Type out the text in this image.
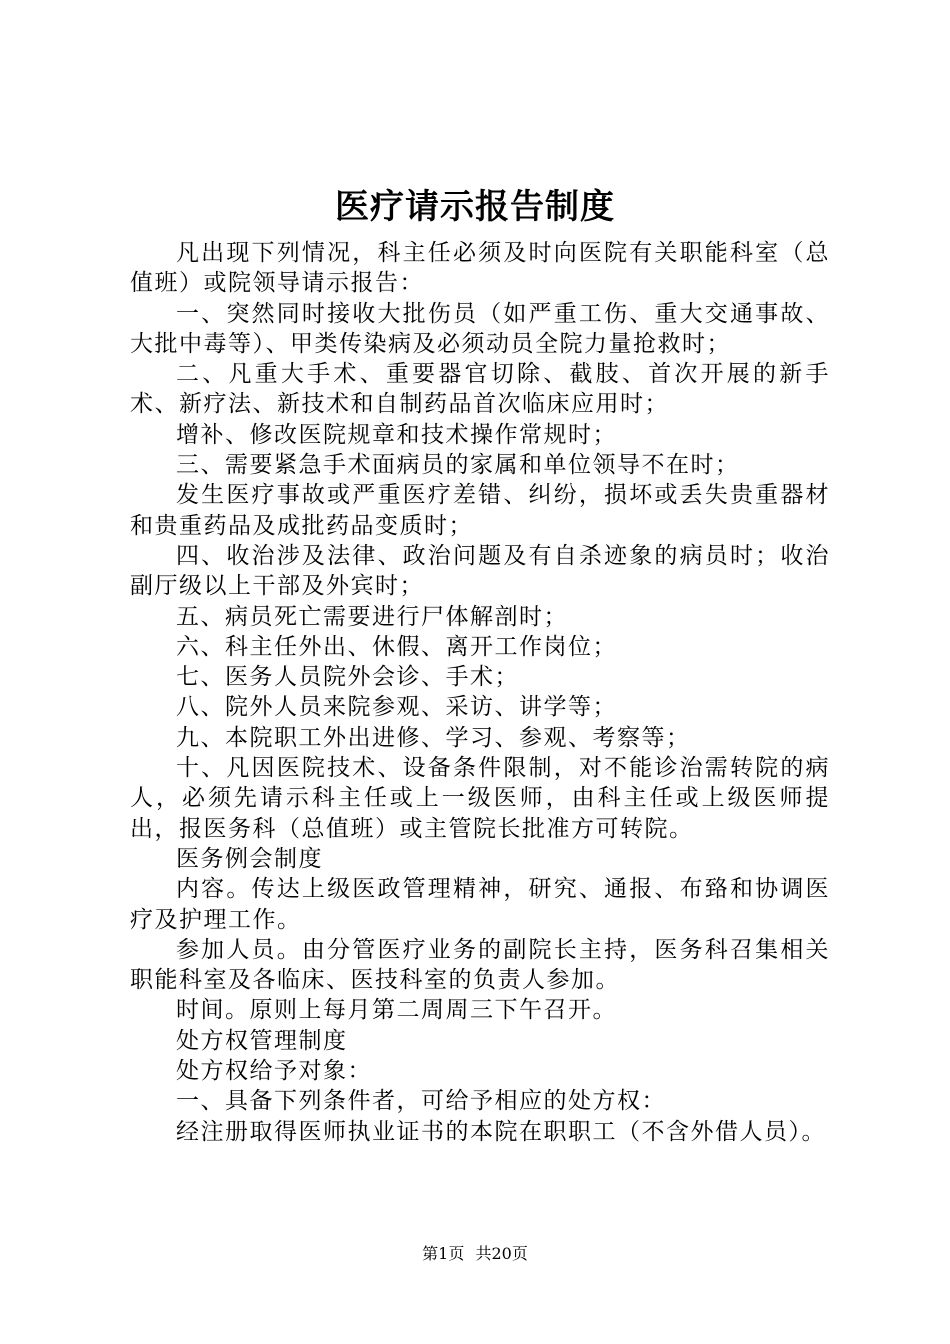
医疗请示报告制度

凡出现下列情况，科主任必须及时向医院有关职能科室（总值班）或院领导请示报告：

一、突然同时接收大批伤员（如严重工伤、重大交通事故、大批中毒等）、甲类传染病及必须动员全院力量抢救时；

二、凡重大手术、重要器官切除、截肢、首次开展的新手术、新疗法、新技术和自制药品首次临床应用时；

增补、修改医院规章和技术操作常规时；

三、需要紧急手术面病员的家属和单位领导不在时；

发生医疗事故或严重医疗差错、纠纷，损坏或丢失贵重器材和贵重药品及成批药品变质时；

四、收治涉及法律、政治问题及有自杀迹象的病员时；收治副厅级以上干部及外宾时；

五、病员死亡需要进行尸体解剖时；

六、科主任外出、休假、离开工作岗位；

七、医务人员院外会诊、手术；

八、院外人员来院参观、采访、讲学等；

九、本院职工外出进修、学习、参观、考察等；

十、凡因医院技术、设备条件限制，对不能诊治需转院的病人，必须先请示科主任或上一级医师，由科主任或上级医师提出，报医务科（总值班）或主管院长批准方可转院。

医务例会制度

内容。传达上级医政管理精神，研究、通报、布臵和协调医疗及护理工作。

参加人员。由分管医疗业务的副院长主持，医务科召集相关职能科室及各临床、医技科室的负责人参加。

时间。原则上每月第二周周三下午召开。

处方权管理制度

处方权给予对象：

一、具备下列条件者，可给予相应的处方权：

经注册取得医师执业证书的本院在职职工（不含外借人员）。

第1页 共20页
